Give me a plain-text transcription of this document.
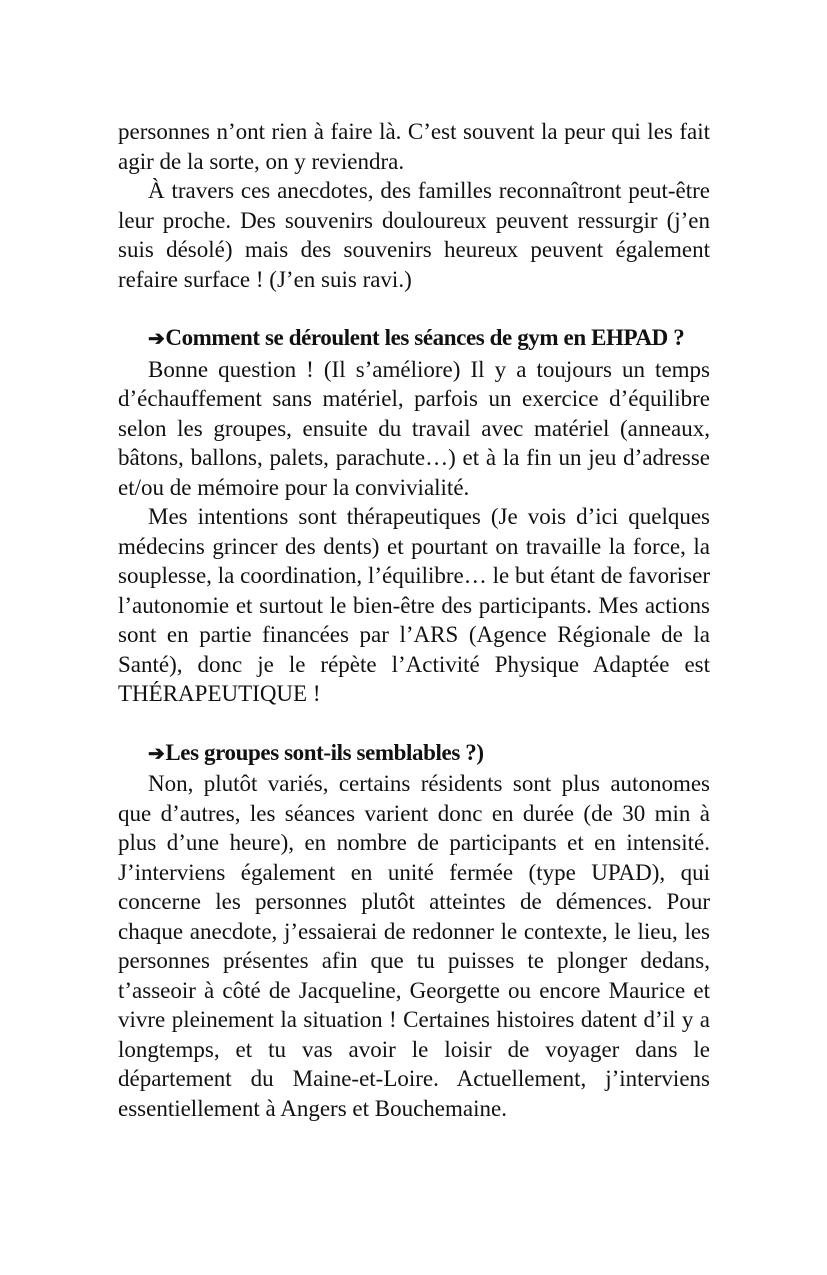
personnes n’ont rien à faire là. C’est souvent la peur qui les fait agir de la sorte, on y reviendra.

À travers ces anecdotes, des familles reconnaîtront peut-être leur proche. Des souvenirs douloureux peuvent ressurgir (j’en suis désolé) mais des souvenirs heureux peuvent également refaire surface ! (J’en suis ravi.)

➔Comment se déroulent les séances de gym en EHPAD ?

Bonne question ! (Il s’améliore) Il y a toujours un temps d’échauffement sans matériel, parfois un exercice d’équilibre selon les groupes, ensuite du travail avec matériel (anneaux, bâtons, ballons, palets, parachute…) et à la fin un jeu d’adresse et/ou de mémoire pour la convivialité.

Mes intentions sont thérapeutiques (Je vois d’ici quelques médecins grincer des dents) et pourtant on travaille la force, la souplesse, la coordination, l’équilibre… le but étant de favoriser l’autonomie et surtout le bien-être des participants. Mes actions sont en partie financées par l’ARS (Agence Régionale de la Santé), donc je le répète l’Activité Physique Adaptée est THÉRAPEUTIQUE !

➔Les groupes sont-ils semblables ?)

Non, plutôt variés, certains résidents sont plus autonomes que d’autres, les séances varient donc en durée (de 30 min à plus d’une heure), en nombre de participants et en intensité. J’interviens également en unité fermée (type UPAD), qui concerne les personnes plutôt atteintes de démences. Pour chaque anecdote, j’essaierai de redonner le contexte, le lieu, les personnes présentes afin que tu puisses te plonger dedans, t’asseoir à côté de Jacqueline, Georgette ou encore Maurice et vivre pleinement la situation ! Certaines histoires datent d’il y a longtemps, et tu vas avoir le loisir de voyager dans le département du Maine-et-Loire. Actuellement, j’interviens essentiellement à Angers et Bouchemaine.
